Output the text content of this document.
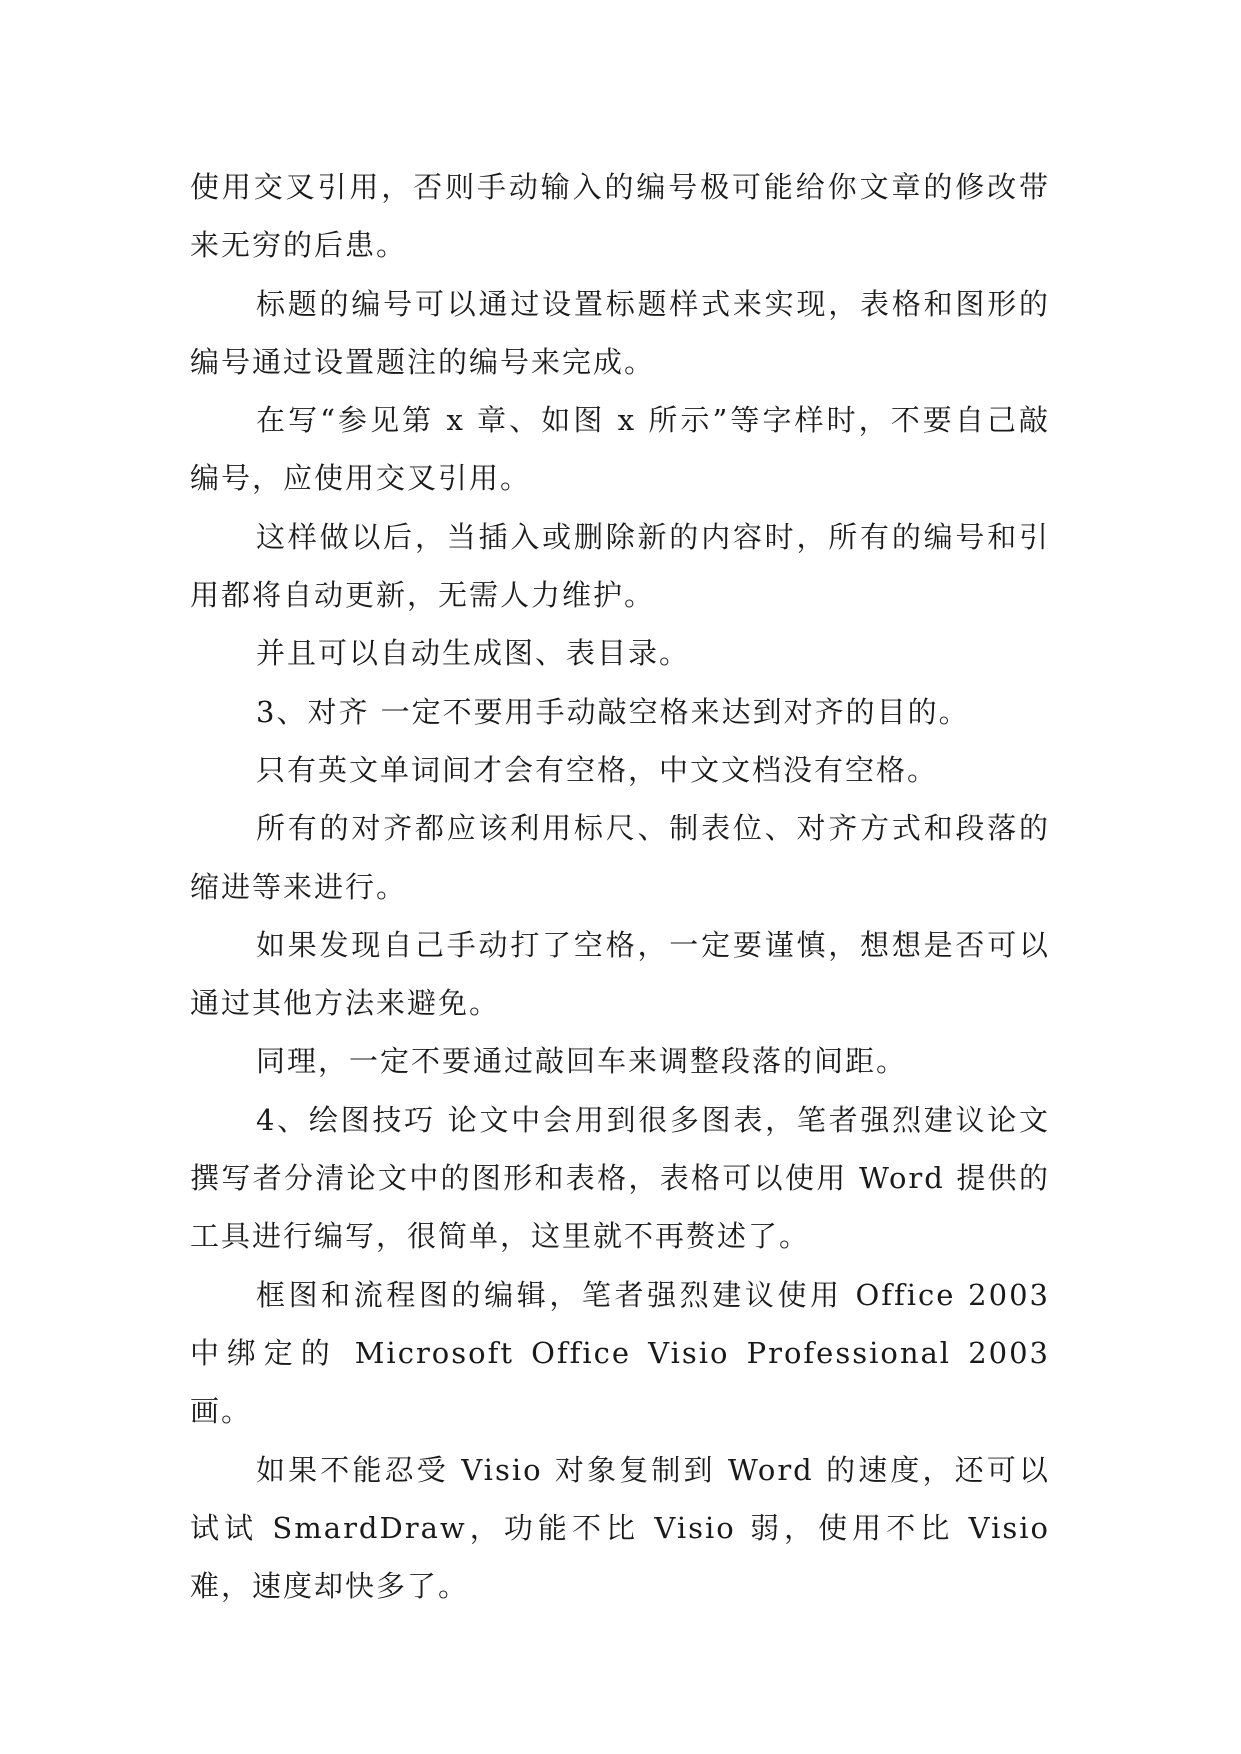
使用交叉引用，否则手动输入的编号极可能给你文章的修改带来无穷的后患。

标题的编号可以通过设置标题样式来实现，表格和图形的编号通过设置题注的编号来完成。

在写“参见第 x 章、如图 x 所示”等字样时，不要自己敲编号，应使用交叉引用。

这样做以后，当插入或删除新的内容时，所有的编号和引用都将自动更新，无需人力维护。

并且可以自动生成图、表目录。

3、对齐 一定不要用手动敲空格来达到对齐的目的。

只有英文单词间才会有空格，中文文档没有空格。

所有的对齐都应该利用标尺、制表位、对齐方式和段落的缩进等来进行。

如果发现自己手动打了空格，一定要谨慎，想想是否可以通过其他方法来避免。

同理，一定不要通过敲回车来调整段落的间距。

4、绘图技巧 论文中会用到很多图表，笔者强烈建议论文撰写者分清论文中的图形和表格，表格可以使用 Word 提供的工具进行编写，很简单，这里就不再赘述了。

框图和流程图的编辑，笔者强烈建议使用 Office 2003 中绑定的 Microsoft Office Visio Professional 2003 画。

如果不能忍受 Visio 对象复制到 Word 的速度，还可以试试 SmardDraw，功能不比 Visio 弱，使用不比 Visio 难，速度却快多了。
